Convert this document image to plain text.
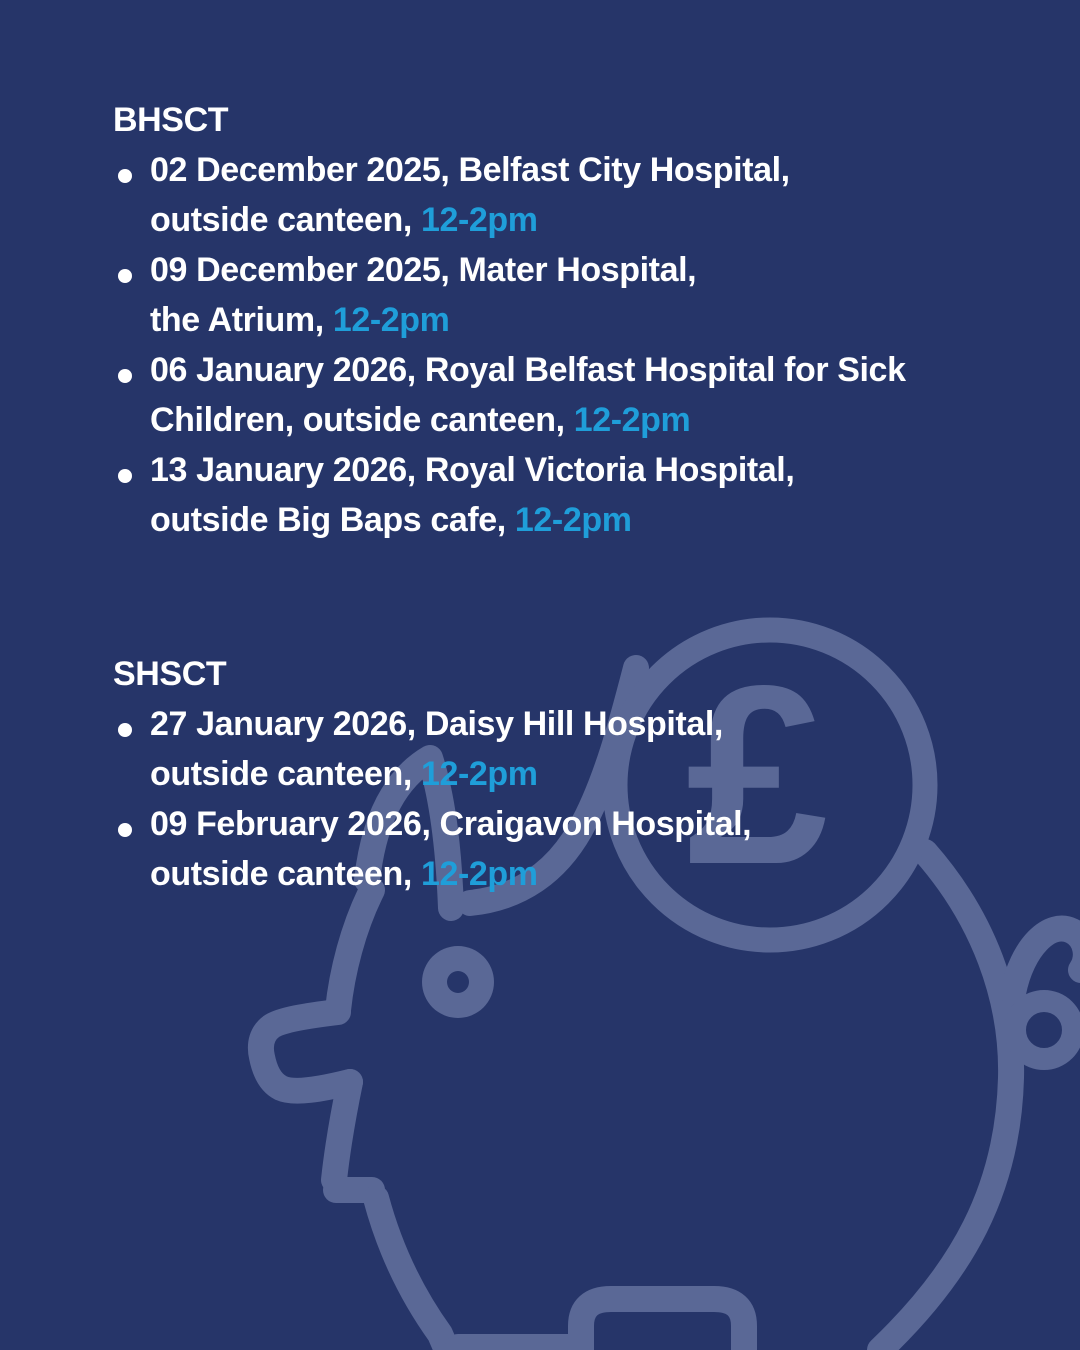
£
BHSCT
02 December 2025, Belfast City Hospital,
outside canteen, 12-2pm
09 December 2025, Mater Hospital,
the Atrium, 12-2pm
06 January 2026, Royal Belfast Hospital for Sick
Children, outside canteen, 12-2pm
13 January 2026, Royal Victoria Hospital,
outside Big Baps cafe, 12-2pm
SHSCT
27 January 2026, Daisy Hill Hospital,
outside canteen, 12-2pm
09 February 2026, Craigavon Hospital,
outside canteen, 12-2pm
